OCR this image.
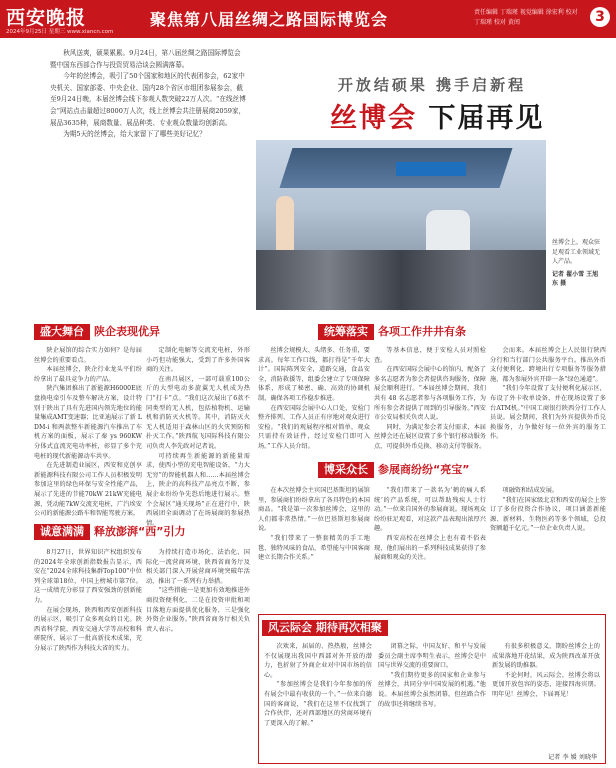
西安晚报
2024年9月25日 星期三 www.xiancn.com
聚焦第八届丝绸之路国际博览会	责任编辑 丁瑞瑾 视觉编辑 徐宏利 校对 丁瑞瑾 校对 黄闰	3

秋风送爽，硕果累累。9月24日，第八届丝绸之路国际博览会暨中国东西部合作与投资贸易洽谈会圆满落幕。

今年的丝博会，吸引了50个国家和地区的代表团参会，62家中央机关、国家部委、中央企业、国内28个省区市组团参展参会，截至9月24日晚，本届丝博会线下参观人数突破22万人次。“在线丝博会”网站点击量超过8000万人次，线上丝博会共注册展商2059家，展品3635种，展商数量、展品种类、专业观众数量均创新高。

为期5天的丝博会，给大家留下了哪些美好记忆？

开放结硕果 携手启新程
丝博会 下届再见
丝博会上，观众驻足观看工业领域无人产品。
记者 翟小雪 王旭东 摄
盛大舞台 陕企表现优异

陕企展馆的综合实力如何？是每届丝博会的重要看点。

本届丝博会，陕企行业龙头平们纷纷拿出了最具竞争力的产品。

陕汽集团推出了新能源H6000E底盘换电牵引车及整车解决方案，设计特别于陕出了具有先进国内领先地位的能量集成AMT变速器；比亚迪展示了新 L DM-i 和两款整车新能源汽车推出了车机方案的面板，展示了秦 ys 960KW 分体式直流充电功率桩，彰显了多个充电桩的现代新能源动车共享。

在先进制造业展区，西安和克创享新能源科技有限公司工作人员积极发明参加这里的绿色环保与安全性能产品，展示了先进的节能70kW 21kW充能电源，凭动能7kW交流充电桩，广汽埃安公司的新能源公路车和智能驾驶方案。

定制化电解等交流充电桩，外形小巧但功能强大，受到了许多外国客商的关注。

在南昌展区，一部可载重100公斤的大型电动多旋翼无人机成为热门“打卡”点。“我们这次展出了6款不同类型的无人机，包括植物机、运输机和消防灭火机等。其中，消防灭火无人机适用于森林山区的火灾预防和扑灭工作。”陕西航飞国际科技有限公司负责人李先政对记者说。

可持续再生新能源的新能量需求，使西小型的充电智能设备、“力大无穷”的智能机器人和……本届丝博会上，陕企的高科技产品亮点不断，参展企业纷纷争先恐后地进行展示。整个会展区“通关现场”正在进行中，陕西展团全面调动了在场展商的参展热情。

统筹落实 各项工作井井有条

丝博会规模大、头绪多、任务重，要求高。每年工作口线，都打得是“千年大计”。国际陈列安全，道路交通，食品安全，消防救援等，组委会建立了专项保障体系，形成了秘密、确、高效的协调机制，确保各项工作稳步推进。

在西安国际会展中心人口处，安检门整齐排列、工作人员正有序地对观众进行安检。“我们的观展程序相对简单，观众只需持有效证件，经过安检门即可入场。”工作人员介绍。

等基本信息，便于安检人员对照检查。

在西安国际会展中心的馆内，配备了多名志愿者为参会者提供咨询服务，保障展会顺利进行。“本届丝博会期间，我们共有 48 名志愿者参与各项服务工作，为所有参会者提供了周到的引导服务。”西安市公安局相关负责人说。

同时，为满足参会者支付需求，本届丝博会还在展区设置了多个银行移动服务点，可提供外币兑换、移动支付等服务。

会而来。本届丝博会上人民银行陕西分行和当行部门公共服务平台。推出外币支付便利化、跨境出行专项服务等服务措施，都为参展外宾开辟一条“绿色通道”。

“我们今年设置了支付便利化展示区，布设了外卡收单设备，并在现场设置了多台ATM机。”中国工商银行陕西分行工作人员说。展会期间，我们为外宾提供外币兑换服务，力争做好每一位外宾的服务工作。

诚意满满 释放澎湃“西”引力

8月27日，世界知识产权组织发布的2024年全球创新指数报告显示，西安在“2024全球科技集群Top100”中位列全球第18位，中国上榜城市第7位。这一成绩充分彰显了西安强劲的创新能力。

在展会现场，陕西和西安创新科技的展示区，吸引了众多观众的目光。陕西省科学院、西安交通大学等高校和科研院所，展示了一批高新技术成果，充分展示了陕西作为科技大省的实力。

为持续打造市场化、法治化、国际化一流营商环境，陕西省商务厅及相关部门深入开展营商环境突破年活动，推出了一系列有力举措。

“这些措施一是更加有效地推进外商投资便利化，二是在投资审批和项目落地方面提供优化服务，三是强化外资企业服务。”陕西省商务厅相关负责人表示。

博采众长 参展商纷纷“亮宝”

在本次丝博会主宾国巴基斯坦的展馆里，参展商们纷纷拿出了各具特色的本国商品。“我是第一次参加丝博会，这里的人们都非常热情。”一位巴基斯坦参展商说。

“我们带来了一整套精美的手工地毯、独特风味的食品，希望能与中国客商建立长期合作关系。”

“我们带来了一款名为‘鹤的痛人系统’的产品系统，可以帮助残疾人士行动。”一位来自国外的参展商说。现场观众纷纷驻足观看，对这款产品表现出浓厚兴趣。

西安高校在丝博会上也有着不俗表现，他们展出的一系列科技成果获得了参展商和观众的关注。

项融资和结成发展。

“我们在国家级北京和西安的展会上签订了多份投资合作协议，项目涵盖新能源、新材料、生物医药等多个领域，总投资额超千亿元。”一位企业负责人说。

风云际会 期待再次相聚

次欢来，届届的、热热般，丝博会不仅展现出我国中西部对外开放的潜力，也折射了外商企业对中国市场的信心。

“参加丝博会是我们今年参加的所有展会中最有收获的一个。”一位来自德国的客商说，“我们在这里不仅找到了合作伙伴，还对西部地区的营商环境有了更深入的了解。”

闭幕之际，中国友好、和平与发展委员会副主席李明生表示，丝博会是中国与世界交流的重要窗口。

“我们期待更多的国家和企业参与丝博会，共同分享中国发展的机遇。”他说。本届丝博会虽然闭幕，但丝路合作的故事还将继续书写。

有很多积极意义，期盼丝博会上的成果落地开花结果，成为陕西改革开放新发展的助推器。

不论何时，风云际会，丝博会将以更加开放包容的姿态，迎接四海宾朋。明年见！丝博会，下届再见！

记者 李 媛 刘晓华
